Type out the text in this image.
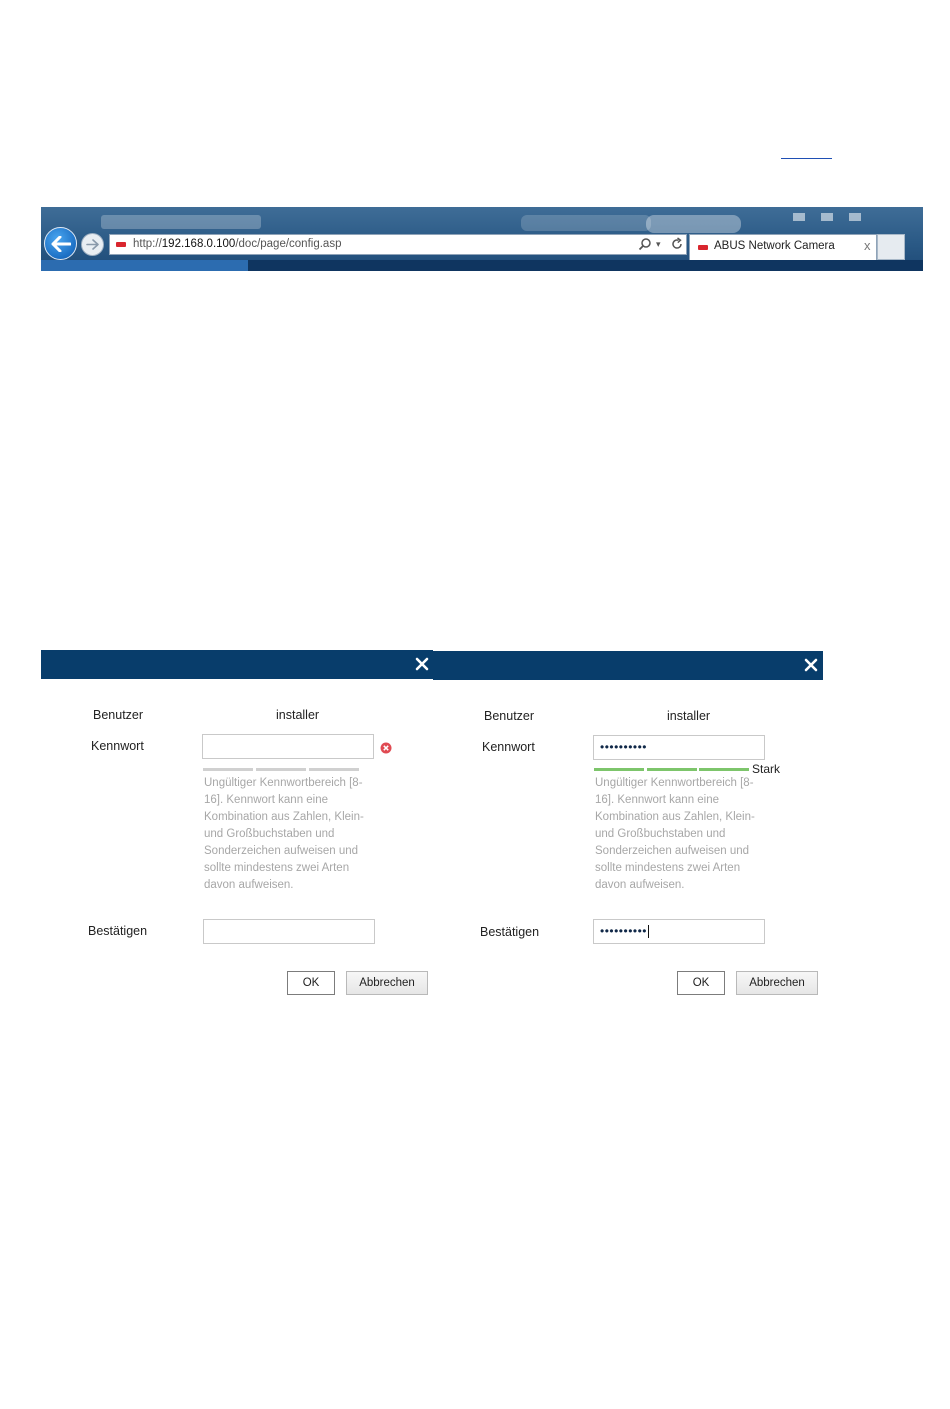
http://192.168.0.100/doc/page/config.asp	▾	ABUS Network Camera x
Benutzer	installer
Kennwort
Ungültiger Kennwortbereich [8-16]. Kennwort kann eine Kombination aus Zahlen, Klein- und Großbuchstaben und Sonderzeichen aufweisen und sollte mindestens zwei Arten davon aufweisen.
Bestätigen
OK	Abbrechen
Benutzer	installer
Kennwort	••••••••••
Stark
Ungültiger Kennwortbereich [8-16]. Kennwort kann eine Kombination aus Zahlen, Klein- und Großbuchstaben und Sonderzeichen aufweisen und sollte mindestens zwei Arten davon aufweisen.
Bestätigen	••••••••••
OK	Abbrechen
